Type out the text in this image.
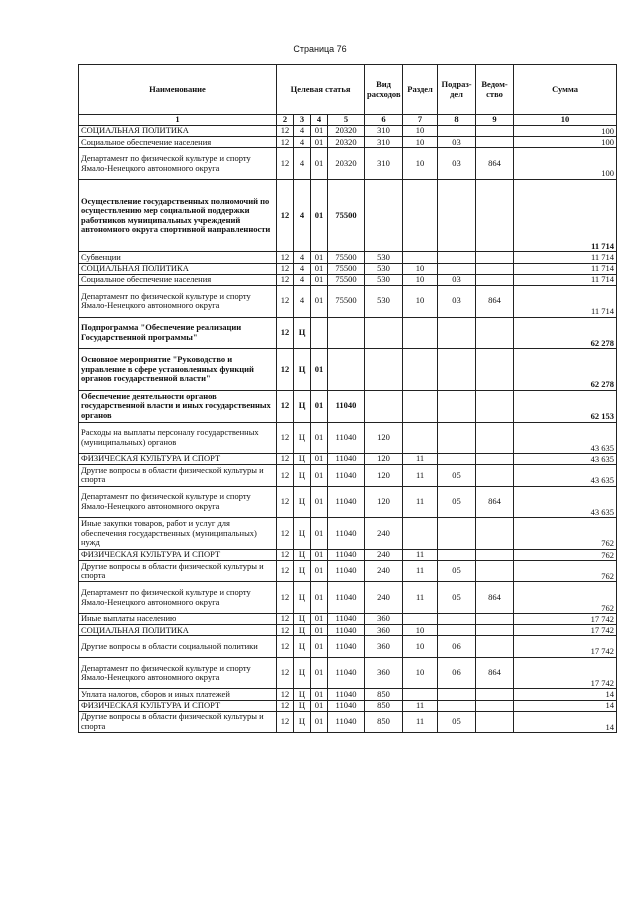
Страница 76
Наименование	Целевая статья				Вид расходов	Раздел	Подраз-дел	Ведом-ство	Сумма
1	2	3	4	5	6	7	8	9	10
СОЦИАЛЬНАЯ ПОЛИТИКА	12	4	01	20320	310	10			100
Социальное обеспечение населения	12	4	01	20320	310	10	03		100
Департамент по физической культуре и спорту Ямало-Ненецкого автономного округа	12	4	01	20320	310	10	03	864	100
Осуществление государственных полномочий по осуществлению мер социальной поддержки работников муниципальных учреждений автономного округа спортивной направленности	12	4	01	75500					11 714
Субвенции	12	4	01	75500	530				11 714
СОЦИАЛЬНАЯ ПОЛИТИКА	12	4	01	75500	530	10			11 714
Социальное обеспечение населения	12	4	01	75500	530	10	03		11 714
Департамент по физической культуре и спорту Ямало-Ненецкого автономного округа	12	4	01	75500	530	10	03	864	11 714
Подпрограмма "Обеспечение реализации Государственной программы"	12	Ц							62 278
Основное мероприятие "Руководство и управление в сфере установленных функций органов государственной власти"	12	Ц	01						62 278
Обеспечение деятельности органов государственной власти и иных государственных органов	12	Ц	01	11040					62 153
Расходы на выплаты персоналу государственных (муниципальных) органов	12	Ц	01	11040	120				43 635
ФИЗИЧЕСКАЯ КУЛЬТУРА И СПОРТ	12	Ц	01	11040	120	11			43 635
Другие вопросы в области физической культуры и спорта	12	Ц	01	11040	120	11	05		43 635
Департамент по физической культуре и спорту Ямало-Ненецкого автономного округа	12	Ц	01	11040	120	11	05	864	43 635
Иные закупки товаров, работ и услуг для обеспечения государственных (муниципальных) нужд	12	Ц	01	11040	240				762
ФИЗИЧЕСКАЯ КУЛЬТУРА И СПОРТ	12	Ц	01	11040	240	11			762
Другие вопросы в области физической культуры и спорта	12	Ц	01	11040	240	11	05		762
Департамент по физической культуре и спорту Ямало-Ненецкого автономного округа	12	Ц	01	11040	240	11	05	864	762
Иные выплаты населению	12	Ц	01	11040	360				17 742
СОЦИАЛЬНАЯ ПОЛИТИКА	12	Ц	01	11040	360	10			17 742
Другие вопросы в области социальной политики	12	Ц	01	11040	360	10	06		17 742
Департамент по физической культуре и спорту Ямало-Ненецкого автономного округа	12	Ц	01	11040	360	10	06	864	17 742
Уплата налогов, сборов и иных платежей	12	Ц	01	11040	850				14
ФИЗИЧЕСКАЯ КУЛЬТУРА И СПОРТ	12	Ц	01	11040	850	11			14
Другие вопросы в области физической культуры и спорта	12	Ц	01	11040	850	11	05		14
